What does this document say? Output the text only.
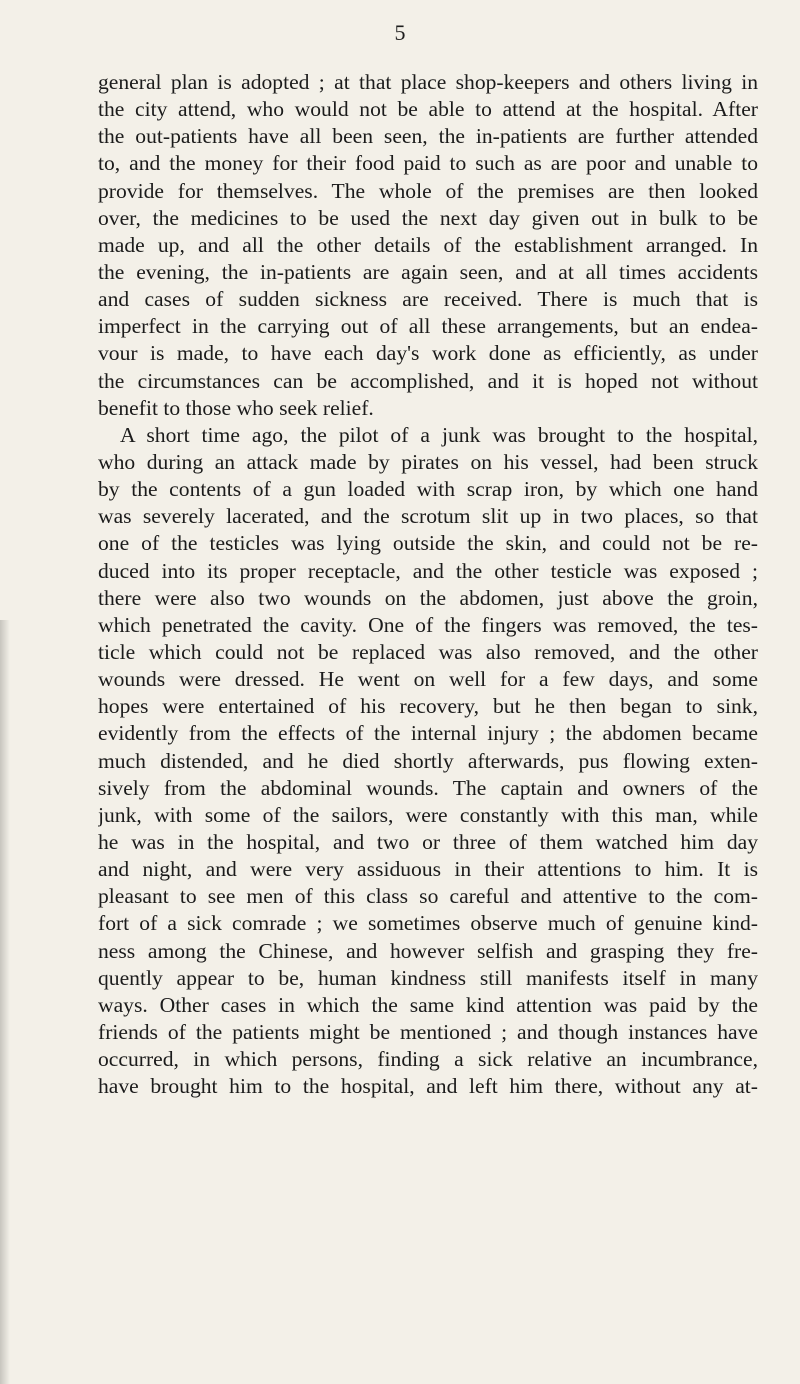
5
general plan is adopted ; at that place shop-keepers and others living in
the city attend, who would not be able to attend at the hospital. After
the out-patients have all been seen, the in-patients are further attended
to, and the money for their food paid to such as are poor and unable to
provide for themselves. The whole of the premises are then looked
over, the medicines to be used the next day given out in bulk to be
made up, and all the other details of the establishment arranged. In
the evening, the in-patients are again seen, and at all times accidents
and cases of sudden sickness are received. There is much that is
imperfect in the carrying out of all these arrangements, but an endea-
vour is made, to have each day's work done as efficiently, as under
the circumstances can be accomplished, and it is hoped not without
benefit to those who seek relief.
A short time ago, the pilot of a junk was brought to the hospital,
who during an attack made by pirates on his vessel, had been struck
by the contents of a gun loaded with scrap iron, by which one hand
was severely lacerated, and the scrotum slit up in two places, so that
one of the testicles was lying outside the skin, and could not be re-
duced into its proper receptacle, and the other testicle was exposed ;
there were also two wounds on the abdomen, just above the groin,
which penetrated the cavity. One of the fingers was removed, the tes-
ticle which could not be replaced was also removed, and the other
wounds were dressed. He went on well for a few days, and some
hopes were entertained of his recovery, but he then began to sink,
evidently from the effects of the internal injury ; the abdomen became
much distended, and he died shortly afterwards, pus flowing exten-
sively from the abdominal wounds. The captain and owners of the
junk, with some of the sailors, were constantly with this man, while
he was in the hospital, and two or three of them watched him day
and night, and were very assiduous in their attentions to him. It is
pleasant to see men of this class so careful and attentive to the com-
fort of a sick comrade ; we sometimes observe much of genuine kind-
ness among the Chinese, and however selfish and grasping they fre-
quently appear to be, human kindness still manifests itself in many
ways. Other cases in which the same kind attention was paid by the
friends of the patients might be mentioned ; and though instances have
occurred, in which persons, finding a sick relative an incumbrance,
have brought him to the hospital, and left him there, without any at-
